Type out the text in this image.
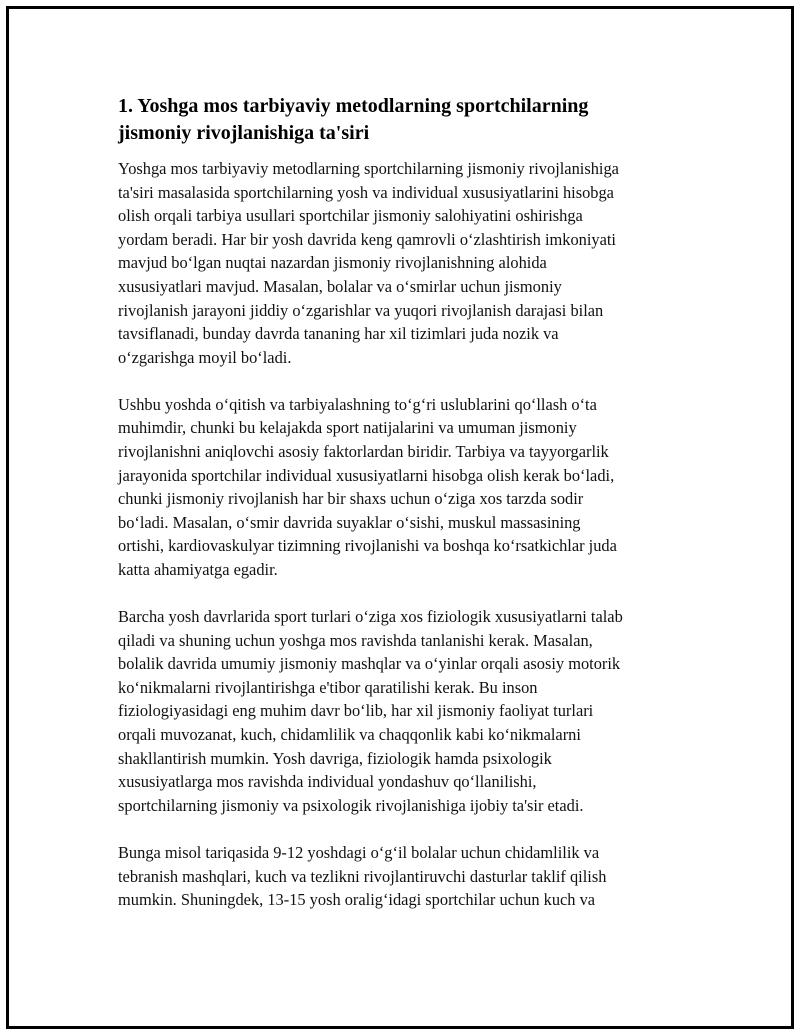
1. Yoshga mos tarbiyaviy metodlarning sportchilarning
jismoniy rivojlanishiga ta'siri

Yoshga mos tarbiyaviy metodlarning sportchilarning jismoniy rivojlanishiga
ta'siri masalasida sportchilarning yosh va individual xususiyatlarini hisobga
olish orqali tarbiya usullari sportchilar jismoniy salohiyatini oshirishga
yordam beradi. Har bir yosh davrida keng qamrovli o‘zlashtirish imkoniyati
mavjud bo‘lgan nuqtai nazardan jismoniy rivojlanishning alohida
xususiyatlari mavjud. Masalan, bolalar va o‘smirlar uchun jismoniy
rivojlanish jarayoni jiddiy o‘zgarishlar va yuqori rivojlanish darajasi bilan
tavsiflanadi, bunday davrda tananing har xil tizimlari juda nozik va
o‘zgarishga moyil bo‘ladi.

Ushbu yoshda o‘qitish va tarbiyalashning to‘g‘ri uslublarini qo‘llash o‘ta
muhimdir, chunki bu kelajakda sport natijalarini va umuman jismoniy
rivojlanishni aniqlovchi asosiy faktorlardan biridir. Tarbiya va tayyorgarlik
jarayonida sportchilar individual xususiyatlarni hisobga olish kerak bo‘ladi,
chunki jismoniy rivojlanish har bir shaxs uchun o‘ziga xos tarzda sodir
bo‘ladi. Masalan, o‘smir davrida suyaklar o‘sishi, muskul massasining
ortishi, kardiovaskulyar tizimning rivojlanishi va boshqa ko‘rsatkichlar juda
katta ahamiyatga egadir.

Barcha yosh davrlarida sport turlari o‘ziga xos fiziologik xususiyatlarni talab
qiladi va shuning uchun yoshga mos ravishda tanlanishi kerak. Masalan,
bolalik davrida umumiy jismoniy mashqlar va o‘yinlar orqali asosiy motorik
ko‘nikmalarni rivojlantirishga e'tibor qaratilishi kerak. Bu inson
fiziologiyasidagi eng muhim davr bo‘lib, har xil jismoniy faoliyat turlari
orqali muvozanat, kuch, chidamlilik va chaqqonlik kabi ko‘nikmalarni
shakllantirish mumkin. Yosh davriga, fiziologik hamda psixologik
xususiyatlarga mos ravishda individual yondashuv qo‘llanilishi,
sportchilarning jismoniy va psixologik rivojlanishiga ijobiy ta'sir etadi.

Bunga misol tariqasida 9-12 yoshdagi o‘g‘il bolalar uchun chidamlilik va
tebranish mashqlari, kuch va tezlikni rivojlantiruvchi dasturlar taklif qilish
mumkin. Shuningdek, 13-15 yosh oralig‘idagi sportchilar uchun kuch va
